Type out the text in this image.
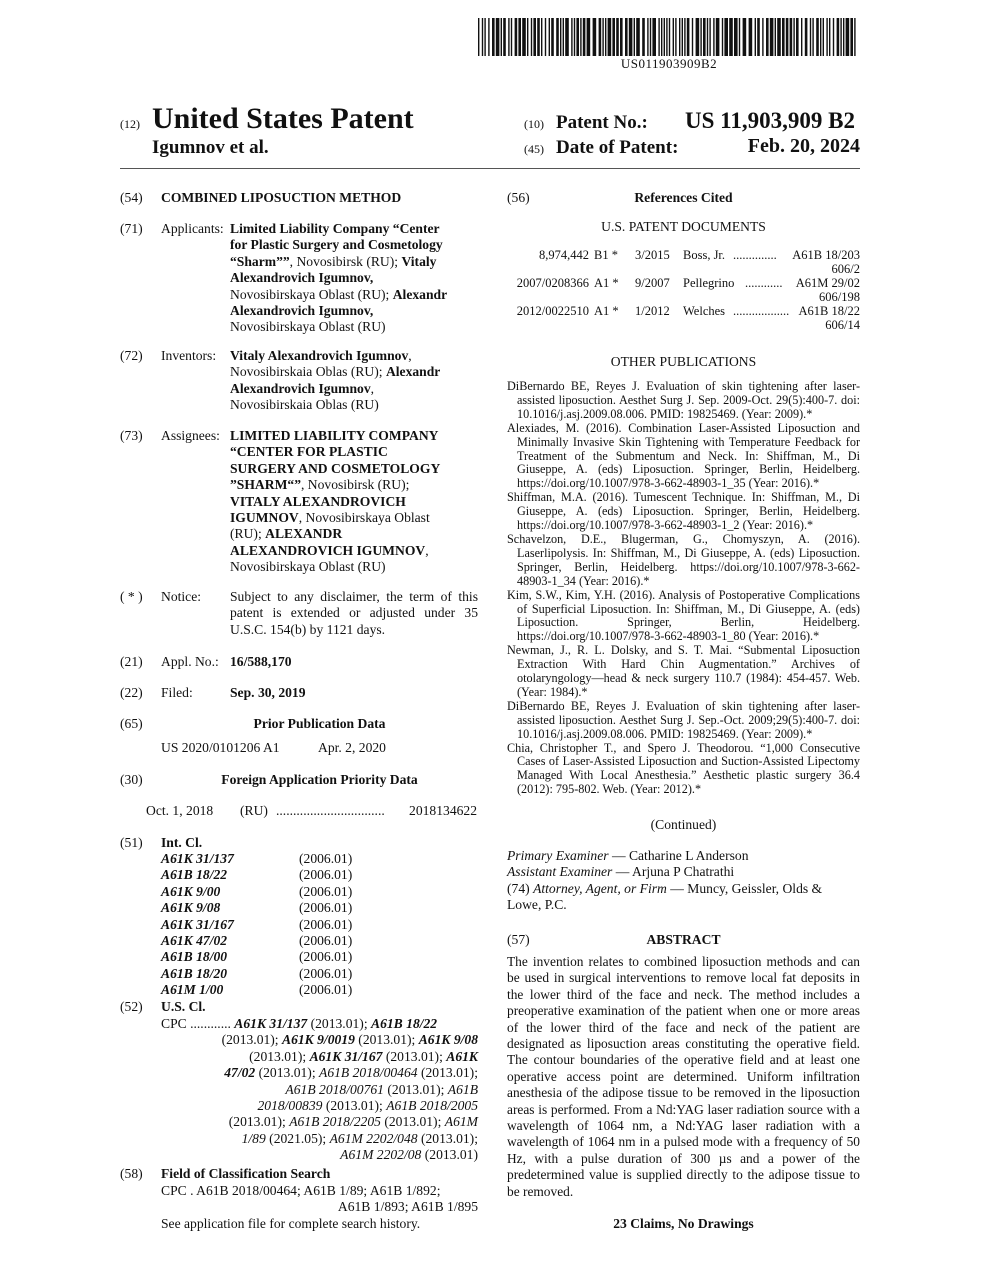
US011903909B2
(12) United States Patent
Igumnov et al.
(10) Patent No.: US 11,903,909 B2
(45) Date of Patent:	Feb. 20, 2024
(54)	COMBINED LIPOSUCTION METHOD
(71)	Applicants: Limited Liability Company “Center
for Plastic Surgery and Cosmetology
“Sharm””, Novosibirsk (RU); Vitaly
Alexandrovich Igumnov,
Novosibirskaya Oblast (RU); Alexandr
Alexandrovich Igumnov,
Novosibirskaya Oblast (RU)
(72)	Inventors: Vitaly Alexandrovich Igumnov,
Novosibirskaia Oblas (RU); Alexandr
Alexandrovich Igumnov,
Novosibirskaia Oblas (RU)
(73)	Assignees: LIMITED LIABILITY COMPANY
“CENTER FOR PLASTIC
SURGERY AND COSMETOLOGY
”SHARM“”, Novosibirsk (RU);
VITALY ALEXANDROVICH
IGUMNOV, Novosibirskaya Oblast
(RU); ALEXANDR
ALEXANDROVICH IGUMNOV,
Novosibirskaya Oblast (RU)
( * )	Notice: Subject to any disclaimer, the term of this
patent is extended or adjusted under 35
U.S.C. 154(b) by 1121 days.
(21)	Appl. No.: 16/588,170
(22)	Filed:	Sep. 30, 2019
(65)	Prior Publication Data
US 2020/0101206 A1	Apr. 2, 2020
(30)	Foreign Application Priority Data
Oct. 1, 2018 (RU) ................................	2018134622
(51)	Int. Cl.
A61K 31/137	(2006.01)
A61B 18/22	(2006.01)
A61K 9/00	(2006.01)
A61K 9/08	(2006.01)
A61K 31/167	(2006.01)
A61K 47/02	(2006.01)
A61B 18/00	(2006.01)
A61B 18/20	(2006.01)
A61M 1/00	(2006.01)
(52)	U.S. Cl.
CPC ............ A61K 31/137 (2013.01); A61B 18/22
(2013.01); A61K 9/0019 (2013.01); A61K 9/08
(2013.01); A61K 31/167 (2013.01); A61K
47/02 (2013.01); A61B 2018/00464 (2013.01);
A61B 2018/00761 (2013.01); A61B
2018/00839 (2013.01); A61B 2018/2005
(2013.01); A61B 2018/2205 (2013.01); A61M
1/89 (2021.05); A61M 2202/048 (2013.01);
A61M 2202/08 (2013.01)
(58)	Field of Classification Search
CPC . A61B 2018/00464; A61B 1/89; A61B 1/892;
A61B 1/893; A61B 1/895
See application file for complete search history.
(56)	References Cited
U.S. PATENT DOCUMENTS
8,974,442 B1 *	3/2015	Boss, Jr. ..............	A61B 18/203
606/2
2007/0208366 A1 *	9/2007	Pellegrino ............	A61M 29/02
606/198
2012/0022510 A1 *	1/2012	Welches .................. A61B 18/22
606/14
OTHER PUBLICATIONS

DiBernardo BE, Reyes J. Evaluation of skin tightening after laser-assisted liposuction. Aesthet Surg J. Sep. 2009-Oct. 29(5):400-7. doi: 10.1016/j.asj.2009.08.006. PMID: 19825469. (Year: 2009).*

Alexiades, M. (2016). Combination Laser-Assisted Liposuction and Minimally Invasive Skin Tightening with Temperature Feedback for Treatment of the Submentum and Neck. In: Shiffman, M., Di Giuseppe, A. (eds) Liposuction. Springer, Berlin, Heidelberg. https://doi.org/10.1007/978-3-662-48903-1_35 (Year: 2016).*

Shiffman, M.A. (2016). Tumescent Technique. In: Shiffman, M., Di Giuseppe, A. (eds) Liposuction. Springer, Berlin, Heidelberg. https://doi.org/10.1007/978-3-662-48903-1_2 (Year: 2016).*

Schavelzon, D.E., Blugerman, G., Chomyszyn, A. (2016). Laserlipolysis. In: Shiffman, M., Di Giuseppe, A. (eds) Liposuction. Springer, Berlin, Heidelberg. https://doi.org/10.1007/978-3-662-48903-1_34 (Year: 2016).*

Kim, S.W., Kim, Y.H. (2016). Analysis of Postoperative Complications of Superficial Liposuction. In: Shiffman, M., Di Giuseppe, A. (eds) Liposuction. Springer, Berlin, Heidelberg. https://doi.org/10.1007/978-3-662-48903-1_80 (Year: 2016).*

Newman, J., R. L. Dolsky, and S. T. Mai. “Submental Liposuction Extraction With Hard Chin Augmentation.” Archives of otolaryngology—head & neck surgery 110.7 (1984): 454-457. Web. (Year: 1984).*

DiBernardo BE, Reyes J. Evaluation of skin tightening after laser-assisted liposuction. Aesthet Surg J. Sep.-Oct. 2009;29(5):400-7. doi: 10.1016/j.asj.2009.08.006. PMID: 19825469. (Year: 2009).*

Chia, Christopher T., and Spero J. Theodorou. “1,000 Consecutive Cases of Laser-Assisted Liposuction and Suction-Assisted Lipectomy Managed With Local Anesthesia.” Aesthetic plastic surgery 36.4 (2012): 795-802. Web. (Year: 2012).*

(Continued)
Primary Examiner — Catharine L Anderson
Assistant Examiner — Arjuna P Chatrathi
(74) Attorney, Agent, or Firm — Muncy, Geissler, Olds &
Lowe, P.C.
(57)	ABSTRACT
The invention relates to combined liposuction methods and can be used in surgical interventions to remove local fat deposits in the lower third of the face and neck. The method includes a preoperative examination of the patient when one or more areas of the lower third of the face and neck of the patient are designated as liposuction areas constituting the operative field. The contour boundaries of the operative field and at least one operative access point are determined. Uniform infiltration anesthesia of the adipose tissue to be removed in the liposuction areas is performed. From a Nd:YAG laser radiation source with a wavelength of 1064 nm, a Nd:YAG laser radiation with a wavelength of 1064 nm in a pulsed mode with a frequency of 50 Hz, with a pulse duration of 300 µs and a power of the predetermined value is supplied directly to the adipose tissue to be removed.
23 Claims, No Drawings
